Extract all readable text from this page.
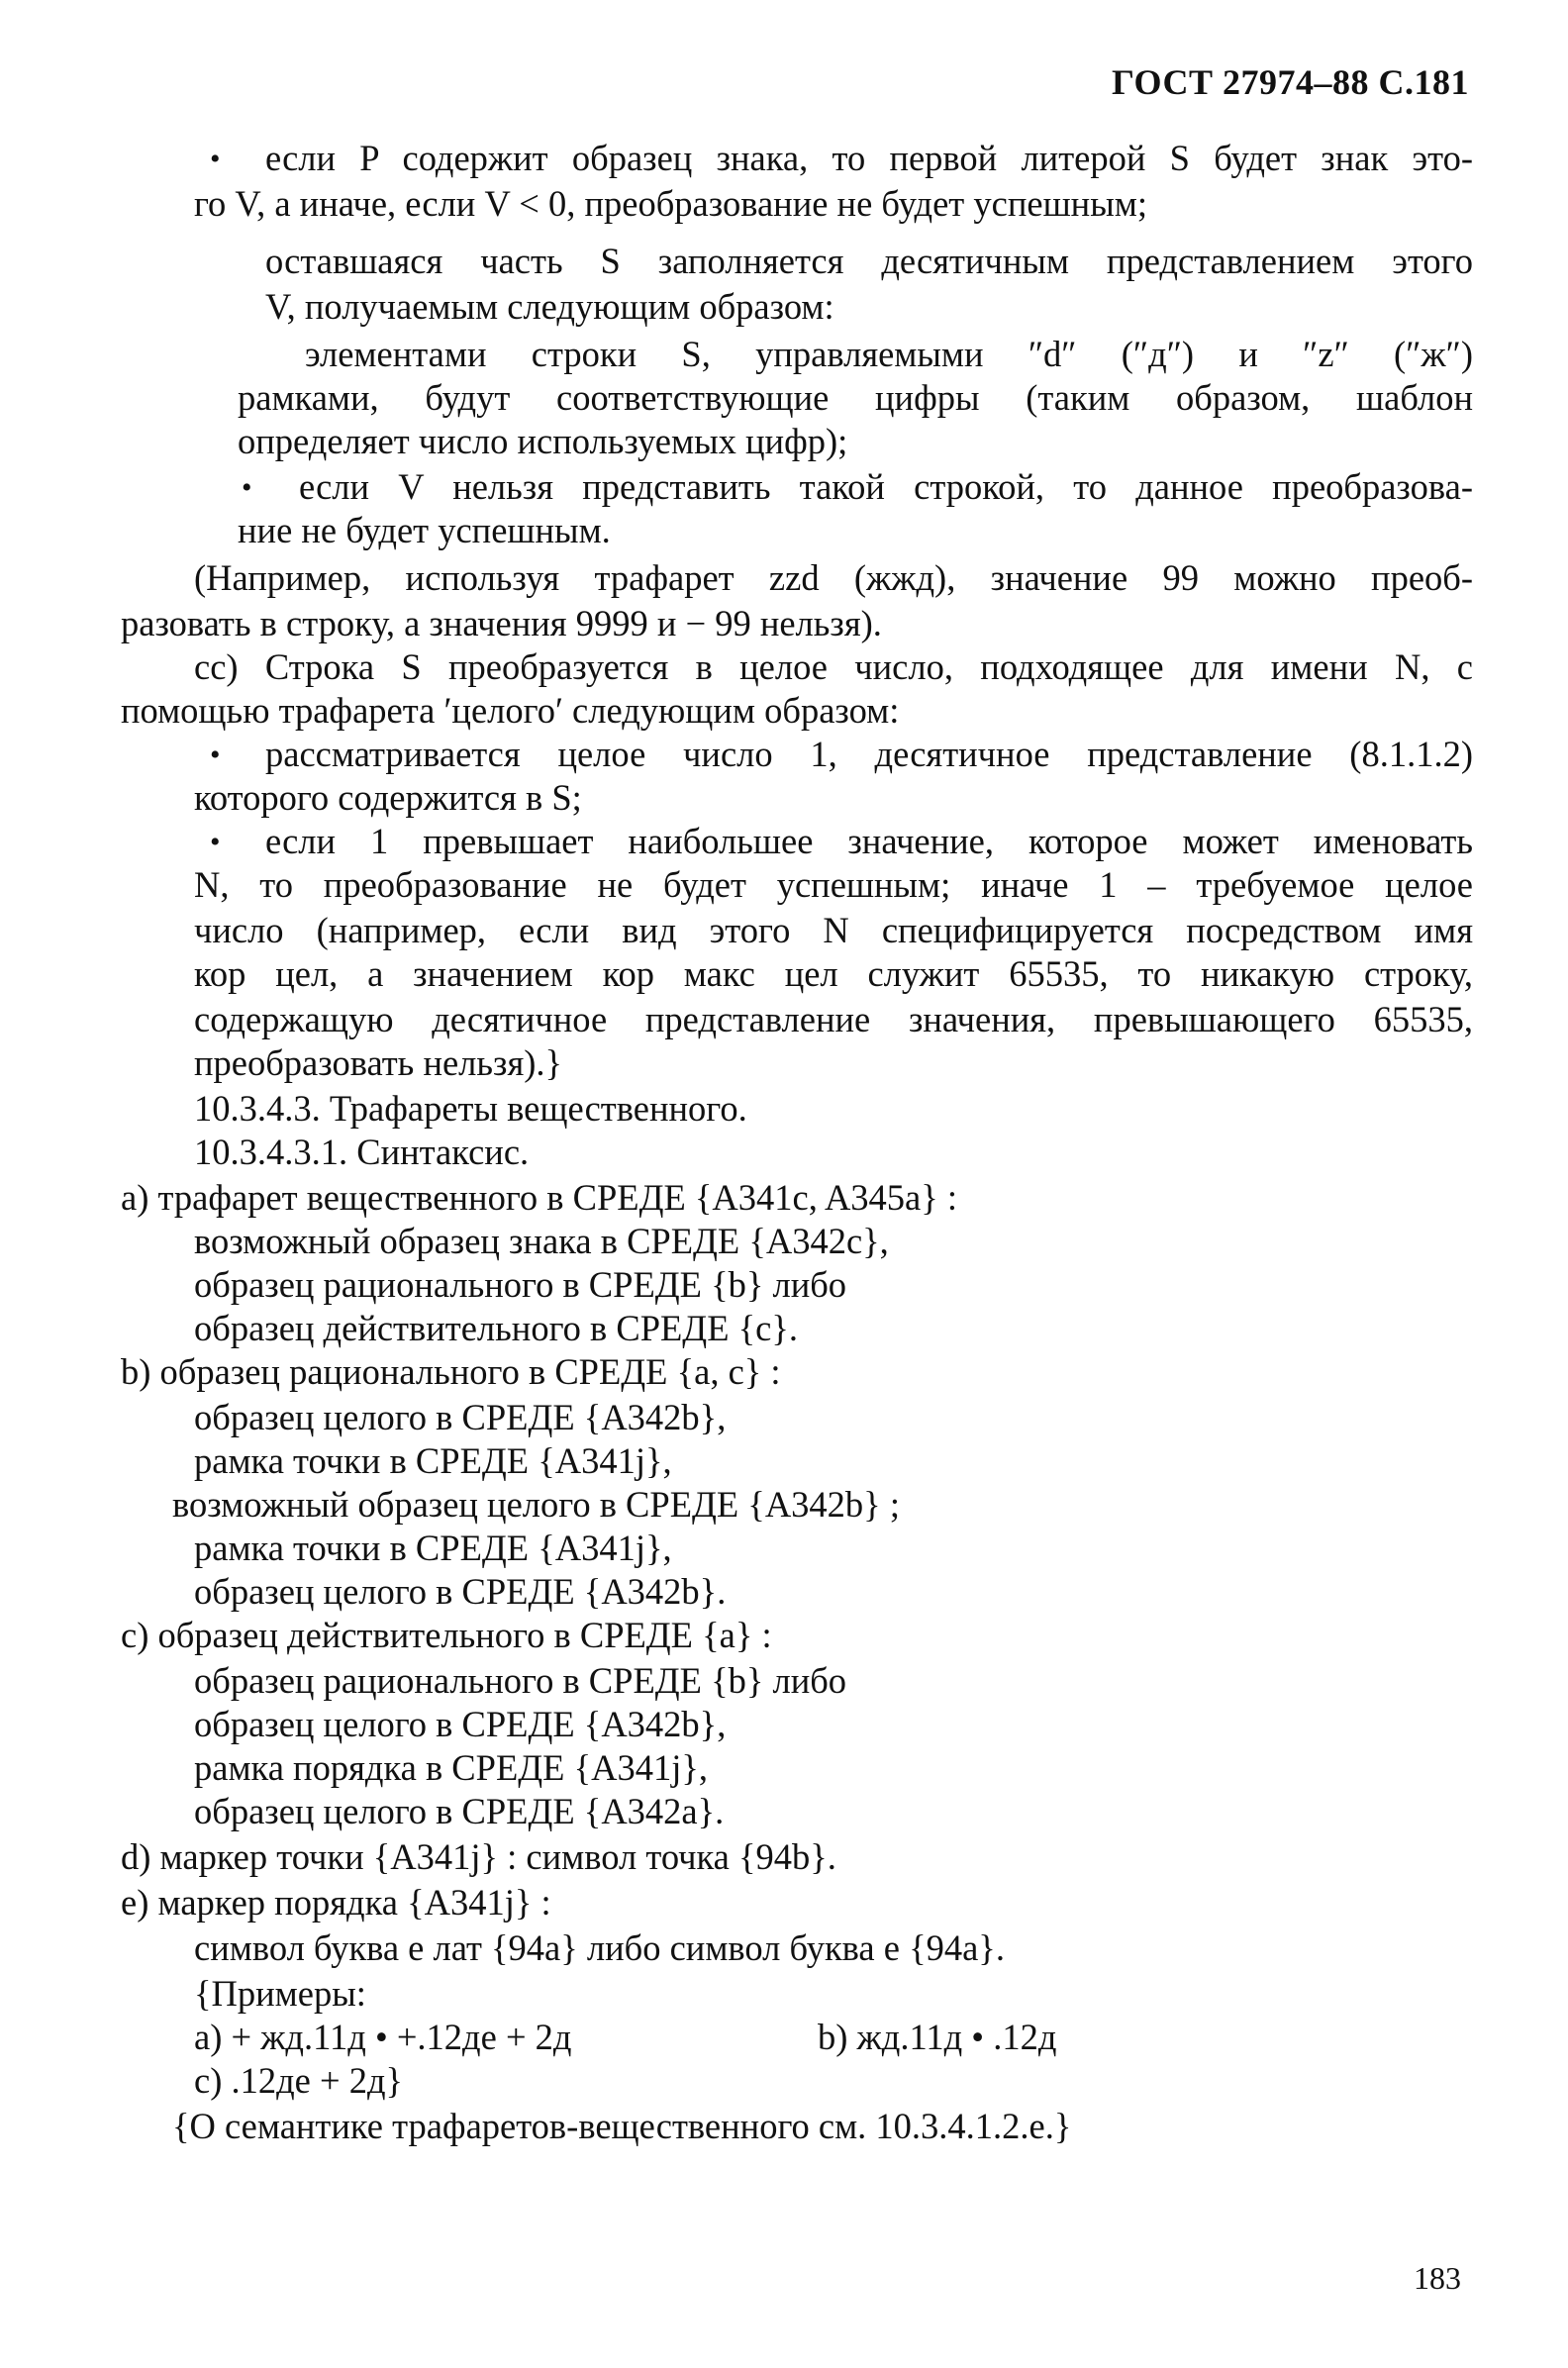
ГОСТ 27974–88 С.181
•
•
•
•
если P содержит образец знака, то первой литерой S будет знак это-
го V, а иначе, если V < 0, преобразование не будет успешным;
оставшаяся часть S заполняется десятичным представлением этого
V, получаемым следующим образом:
элементами строки S, управляемыми ″d″ (″д″) и ″z″ (″ж″)
рамками, будут соответствующие цифры (таким образом, шаблон
определяет число используемых цифр);
если V нельзя представить такой строкой, то данное преобразова-
ние не будет успешным.
(Например, используя трафарет zzd (жжд), значение 99 можно преоб-
разовать в строку, а значения 9999 и − 99 нельзя).
cc) Строка S преобразуется в целое число, подходящее для имени N, с
помощью трафарета ′целого′ следующим образом:
рассматривается целое число 1, десятичное представление (8.1.1.2)
которого содержится в S;
если 1 превышает наибольшее значение, которое может именовать
N, то преобразование не будет успешным; иначе 1 – требуемое целое
число (например, если вид этого N специфицируется посредством имя
кор цел, а значением кор макс цел служит 65535, то никакую строку,
содержащую десятичное представление значения, превышающего 65535,
преобразовать нельзя).}
10.3.4.3. Трафареты вещественного.
10.3.4.3.1. Синтаксис.
a) трафарет вещественного в СРЕДЕ {A341c, A345a} :
возможный образец знака в СРЕДЕ {A342c},
образец рационального в СРЕДЕ {b} либо
образец действительного в СРЕДЕ {c}.
b) образец рационального в СРЕДЕ {a, c} :
образец целого в СРЕДЕ {A342b},
рамка точки в СРЕДЕ {A341j},
возможный образец целого в СРЕДЕ {A342b} ;
рамка точки в СРЕДЕ {A341j},
образец целого в СРЕДЕ {A342b}.
c) образец действительного в СРЕДЕ {a} :
образец рационального в СРЕДЕ {b} либо
образец целого в СРЕДЕ {A342b},
рамка порядка в СРЕДЕ {A341j},
образец целого в СРЕДЕ {A342a}.
d) маркер точки {A341j} : символ точка {94b}.
e) маркер порядка {A341j} :
символ буква е лат {94a} либо символ буква е {94a}.
{Примеры:
a) + жд.11д • +.12де + 2д	b) жд.11д • .12д
c) .12де + 2д}
{О семантике трафаретов-вещественного см. 10.3.4.1.2.е.}
183
